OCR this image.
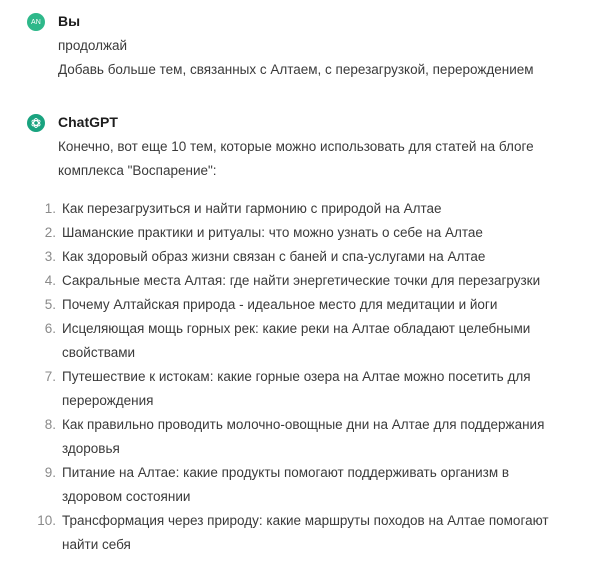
AN Вы
продолжай
Добавь больше тем, связанных с Алтаем, с перезагрузкой, перерождением
ChatGPT
Конечно, вот еще 10 тем, которые можно использовать для статей на блоге
комплекса "Воспарение":
1. Как перезагрузиться и найти гармонию с природой на Алтае
2. Шаманские практики и ритуалы: что можно узнать о себе на Алтае
3. Как здоровый образ жизни связан с баней и спа-услугами на Алтае
4. Сакральные места Алтая: где найти энергетические точки для перезагрузки
5. Почему Алтайская природа - идеальное место для медитации и йоги
6. Исцеляющая мощь горных рек: какие реки на Алтае обладают целебными
свойствами
7. Путешествие к истокам: какие горные озера на Алтае можно посетить для
перерождения
8. Как правильно проводить молочно-овощные дни на Алтае для поддержания
здоровья
9. Питание на Алтае: какие продукты помогают поддерживать организм в
здоровом состоянии
10. Трансформация через природу: какие маршруты походов на Алтае помогают
найти себя
